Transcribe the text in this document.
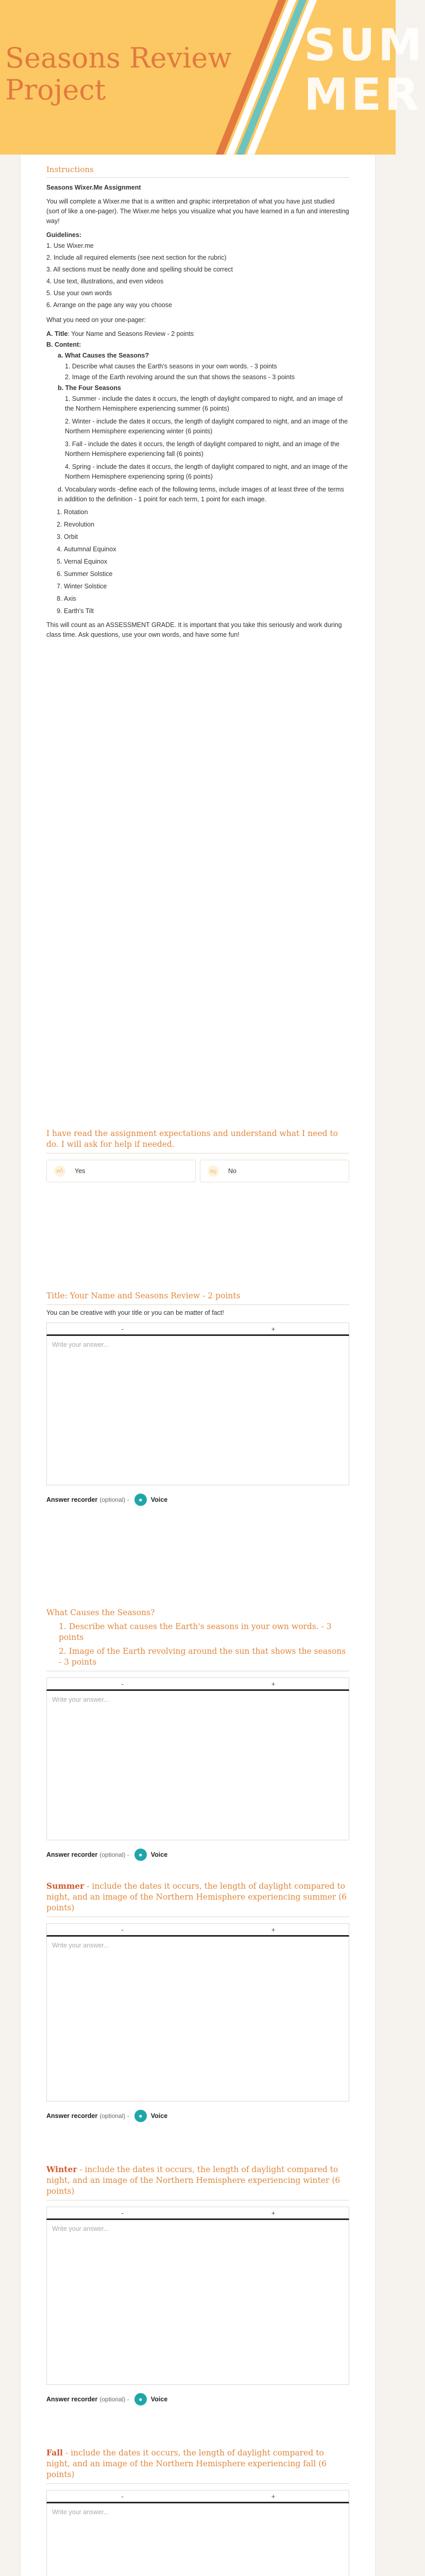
Seasons Review Project
SUM MER
Instructions

Seasons Wixer.Me Assignment

You will complete a Wixer.me that is a written and graphic interpretation of what you have just studied (sort of like a one-pager). The Wixer.me helps you visualize what you have learned in a fun and interesting way!

Guidelines:

1. Use Wixer.me

2. Include all required elements (see next section for the rubric)

3. All sections must be neatly done and spelling should be correct

4. Use text, illustrations, and even videos

5. Use your own words

6. Arrange on the page any way you choose

What you need on your one-pager:

A. Title: Your Name and Seasons Review - 2 points

B. Content:

a. What Causes the Seasons?

1. Describe what causes the Earth's seasons in your own words. - 3 points

2. Image of the Earth revolving around the sun that shows the seasons - 3 points

b. The Four Seasons

1. Summer - include the dates it occurs, the length of daylight compared to night, and an image of the Northern Hemisphere experiencing summer (6 points)

2. Winter - include the dates it occurs, the length of daylight compared to night, and an image of the Northern Hemisphere experiencing winter (6 points)

3. Fall - include the dates it occurs, the length of daylight compared to night, and an image of the Northern Hemisphere experiencing fall (6 points)

4. Spring - include the dates it occurs, the length of daylight compared to night, and an image of the Northern Hemisphere experiencing spring (6 points)

d. Vocabulary words -define each of the following terms, include images of at least three of the terms in addition to the definition - 1 point for each term, 1 point for each image.

1. Rotation
2. Revolution
3. Orbit
4. Autumnal Equinox
5. Vernal Equinox
6. Summer Solstice
7. Winter Solstice
8. Axis
9. Earth's Tilt

This will count as an ASSESSMENT GRADE. It is important that you take this seriously and work during class time. Ask questions, use your own words, and have some fun!

I have read the assignment expectations and understand what I need to do. I will ask for help if needed.
👍︎	Yes	👎︎	No
Title: Your Name and Seasons Review - 2 points
You can be creative with your title or you can be matter of fact!
-	+
Write your answer...
Answer recorder (optional) -	●	Voice
What Causes the Seasons?
1. Describe what causes the Earth's seasons in your own words. - 3 points
2. Image of the Earth revolving around the sun that shows the seasons - 3 points
-	+
Write your answer...
Answer recorder (optional) -	●	Voice
Summer - include the dates it occurs, the length of daylight compared to night, and an image of the Northern Hemisphere experiencing summer (6 points)
-	+
Write your answer...
Answer recorder (optional) -	●	Voice
Winter - include the dates it occurs, the length of daylight compared to night, and an image of the Northern Hemisphere experiencing winter (6 points)
-	+
Write your answer...
Answer recorder (optional) -	●	Voice
Fall - include the dates it occurs, the length of daylight compared to night, and an image of the Northern Hemisphere experiencing fall (6 points)
-	+
Write your answer...
